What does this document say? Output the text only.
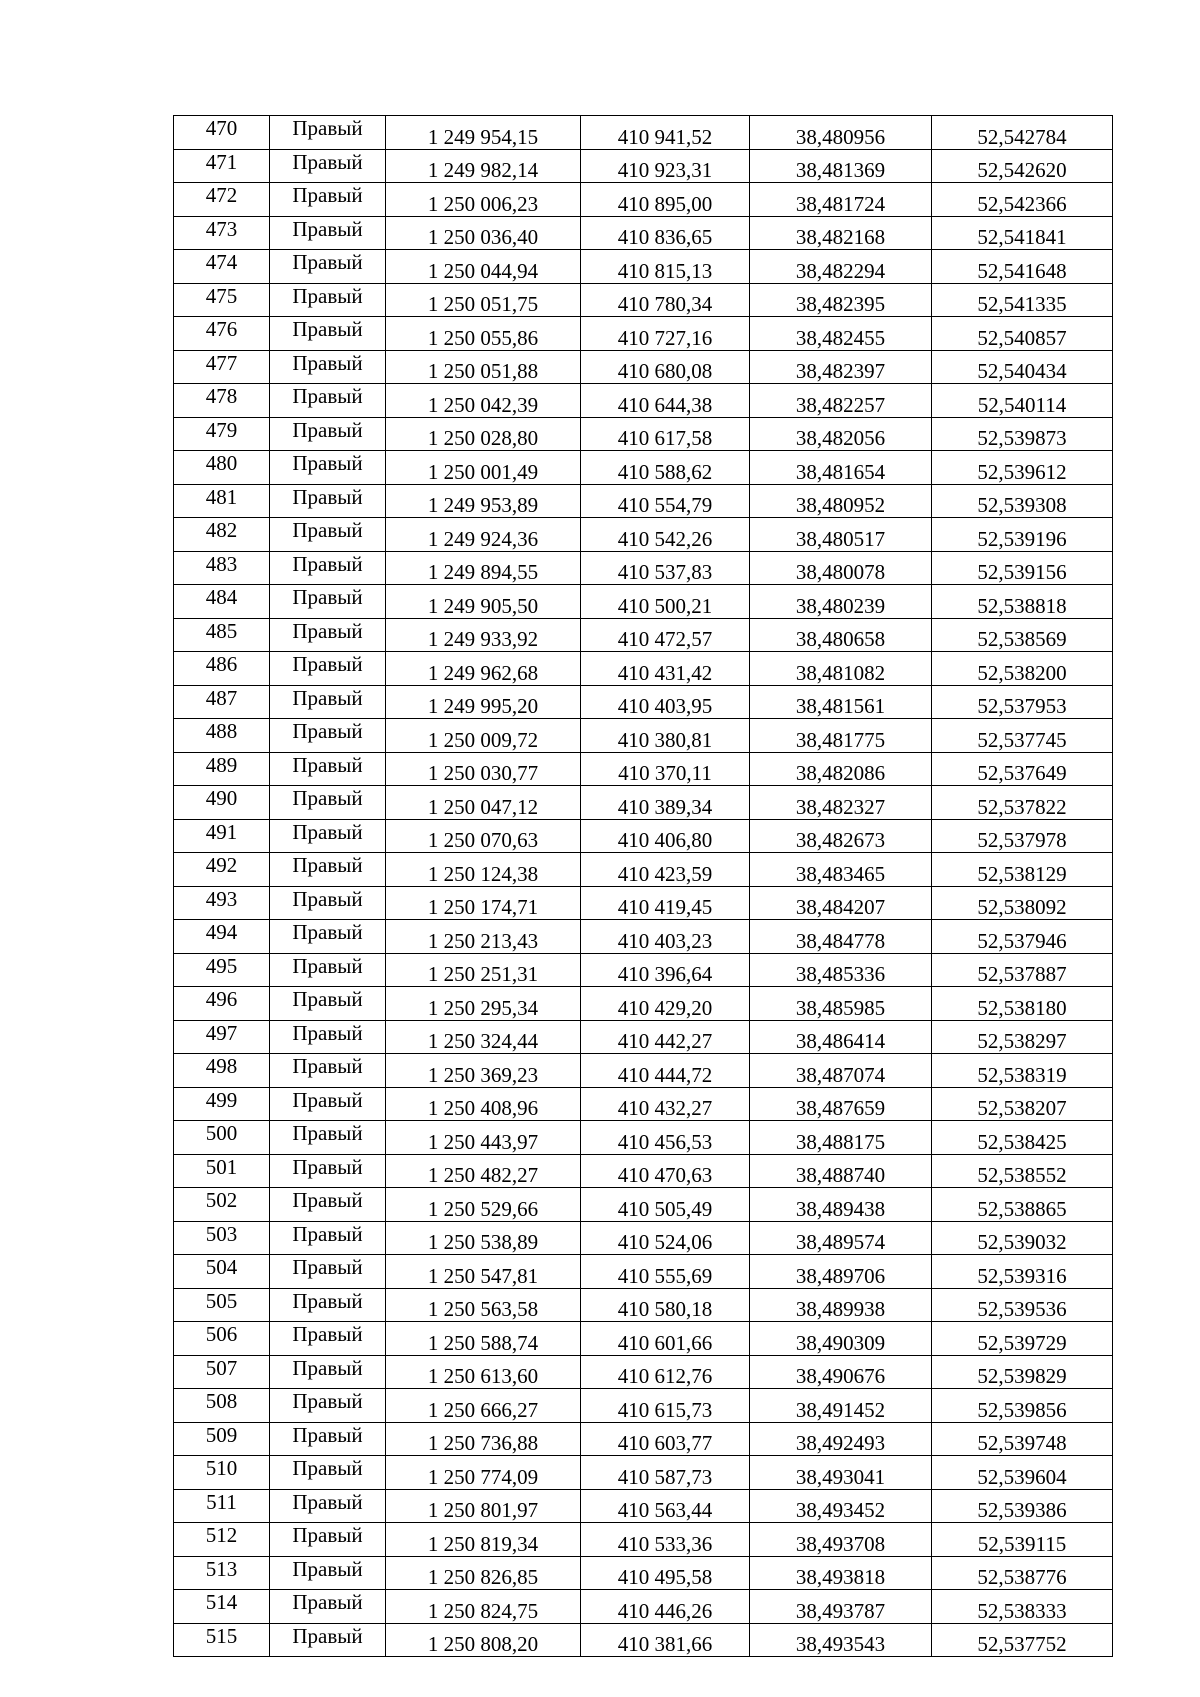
470	Правый	1 249 954,15	410 941,52	38,480956	52,542784
471	Правый	1 249 982,14	410 923,31	38,481369	52,542620
472	Правый	1 250 006,23	410 895,00	38,481724	52,542366
473	Правый	1 250 036,40	410 836,65	38,482168	52,541841
474	Правый	1 250 044,94	410 815,13	38,482294	52,541648
475	Правый	1 250 051,75	410 780,34	38,482395	52,541335
476	Правый	1 250 055,86	410 727,16	38,482455	52,540857
477	Правый	1 250 051,88	410 680,08	38,482397	52,540434
478	Правый	1 250 042,39	410 644,38	38,482257	52,540114
479	Правый	1 250 028,80	410 617,58	38,482056	52,539873
480	Правый	1 250 001,49	410 588,62	38,481654	52,539612
481	Правый	1 249 953,89	410 554,79	38,480952	52,539308
482	Правый	1 249 924,36	410 542,26	38,480517	52,539196
483	Правый	1 249 894,55	410 537,83	38,480078	52,539156
484	Правый	1 249 905,50	410 500,21	38,480239	52,538818
485	Правый	1 249 933,92	410 472,57	38,480658	52,538569
486	Правый	1 249 962,68	410 431,42	38,481082	52,538200
487	Правый	1 249 995,20	410 403,95	38,481561	52,537953
488	Правый	1 250 009,72	410 380,81	38,481775	52,537745
489	Правый	1 250 030,77	410 370,11	38,482086	52,537649
490	Правый	1 250 047,12	410 389,34	38,482327	52,537822
491	Правый	1 250 070,63	410 406,80	38,482673	52,537978
492	Правый	1 250 124,38	410 423,59	38,483465	52,538129
493	Правый	1 250 174,71	410 419,45	38,484207	52,538092
494	Правый	1 250 213,43	410 403,23	38,484778	52,537946
495	Правый	1 250 251,31	410 396,64	38,485336	52,537887
496	Правый	1 250 295,34	410 429,20	38,485985	52,538180
497	Правый	1 250 324,44	410 442,27	38,486414	52,538297
498	Правый	1 250 369,23	410 444,72	38,487074	52,538319
499	Правый	1 250 408,96	410 432,27	38,487659	52,538207
500	Правый	1 250 443,97	410 456,53	38,488175	52,538425
501	Правый	1 250 482,27	410 470,63	38,488740	52,538552
502	Правый	1 250 529,66	410 505,49	38,489438	52,538865
503	Правый	1 250 538,89	410 524,06	38,489574	52,539032
504	Правый	1 250 547,81	410 555,69	38,489706	52,539316
505	Правый	1 250 563,58	410 580,18	38,489938	52,539536
506	Правый	1 250 588,74	410 601,66	38,490309	52,539729
507	Правый	1 250 613,60	410 612,76	38,490676	52,539829
508	Правый	1 250 666,27	410 615,73	38,491452	52,539856
509	Правый	1 250 736,88	410 603,77	38,492493	52,539748
510	Правый	1 250 774,09	410 587,73	38,493041	52,539604
511	Правый	1 250 801,97	410 563,44	38,493452	52,539386
512	Правый	1 250 819,34	410 533,36	38,493708	52,539115
513	Правый	1 250 826,85	410 495,58	38,493818	52,538776
514	Правый	1 250 824,75	410 446,26	38,493787	52,538333
515	Правый	1 250 808,20	410 381,66	38,493543	52,537752
